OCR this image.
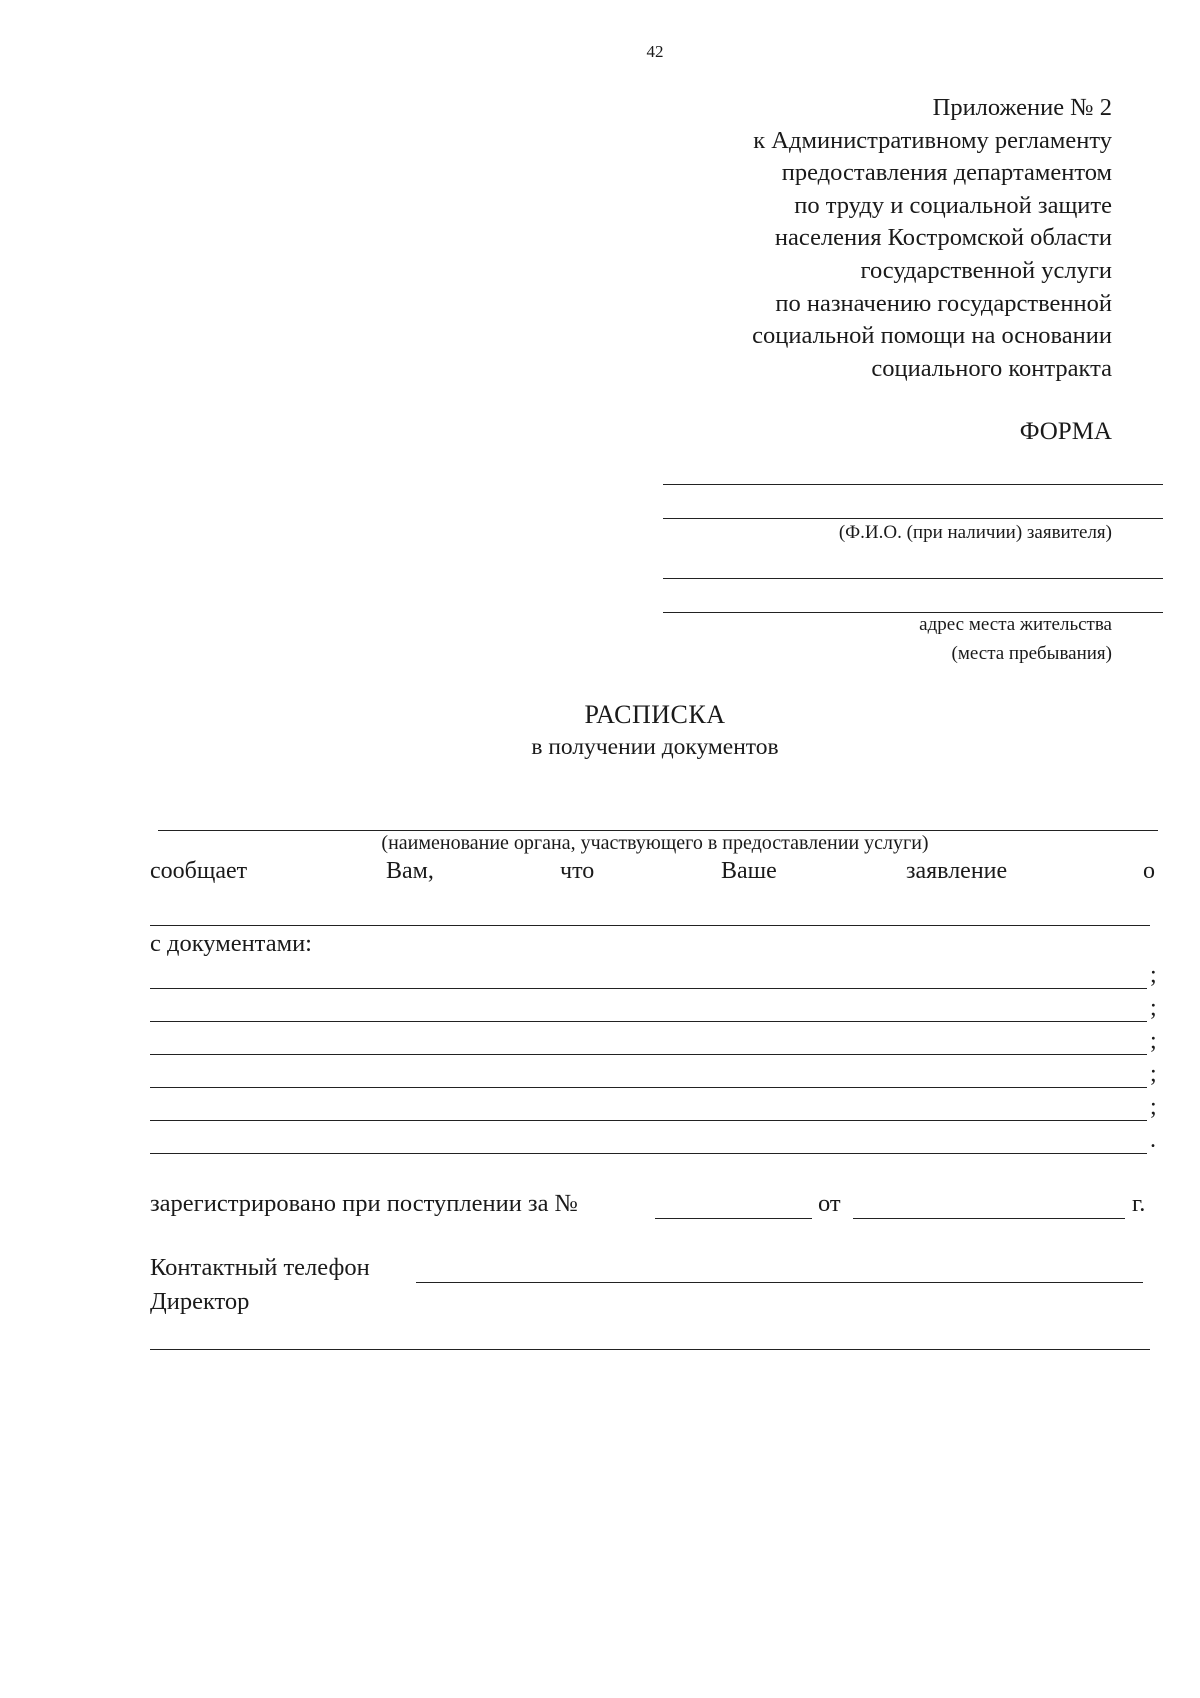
42
Приложение № 2
к Административному регламенту
предоставления департаментом
по труду и социальной защите
населения Костромской области
государственной услуги
по назначению государственной
социальной помощи на основании
социального контракта
ФОРМА
(Ф.И.О. (при наличии) заявителя)
адрес места жительства
(места пребывания)
РАСПИСКА
в получении документов
(наименование органа, участвующего в предоставлении услуги)
сообщает	Вам,	что	Ваше	заявление	о
с документами:
;
;
;
;
;
.
зарегистрировано при поступлении за №	от	г.
Контактный телефон
Директор
